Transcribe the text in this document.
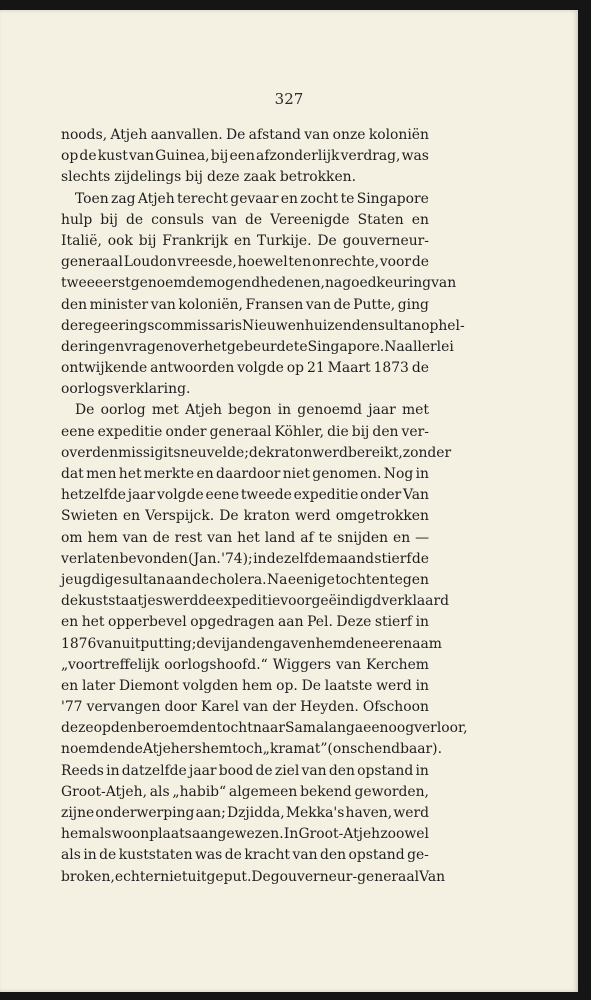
327
noods, Atjeh aanvallen. De afstand van onze koloniën
op de kust van Guinea, bij een afzonderlijk verdrag, was
slechts zijdelings bij deze zaak betrokken.
Toen zag Atjeh terecht gevaar en zocht te Singapore
hulp bij de consuls van de Vereenigde Staten en
Italië, ook bij Frankrijk en Turkije. De gouverneur-
generaal Loudon vreesde, hoewel ten onrechte, voor de
twee eerstgenoemde mogendheden en, na goedkeuring van
den minister van koloniën, Fransen van de Putte, ging
de regeeringscommissaris Nieuwenhuizen den sultan ophel-
deringen vragen over het gebeurde te Singapore. Na allerlei
ontwijkende antwoorden volgde op 21 Maart 1873 de
oorlogsverklaring.
De oorlog met Atjeh begon in genoemd jaar met
eene expeditie onder generaal Köhler, die bij den ver-
overden missigit sneuvelde; de kraton werd bereikt, zonder
dat men het merkte en daardoor niet genomen. Nog in
hetzelfde jaar volgde eene tweede expeditie onder Van
Swieten en Verspijck. De kraton werd omgetrokken
om hem van de rest van het land af te snijden en —
verlaten bevonden (Jan. '74); in dezelfde maand stierf de
jeugdige sultan aan de cholera. Na eenige tochten tegen
de kuststaatjes werd de expeditie voor geëindigd verklaard
en het opperbevel opgedragen aan Pel. Deze stierf in
1876 van uitputting; de vijanden gaven hem den eerenaam
„voortreffelijk oorlogshoofd.“ Wiggers van Kerchem
en later Diemont volgden hem op. De laatste werd in
'77 vervangen door Karel van der Heyden. Ofschoon
deze op den beroemden tocht naar Samalanga een oog verloor,
noemden de Atjehers hem toch „kramat” (onschendbaar).
Reeds in datzelfde jaar bood de ziel van den opstand in
Groot-Atjeh, als „habib“ algemeen bekend geworden,
zijne onderwerping aan; Dzjidda, Mekka's haven, werd
hem als woonplaats aangewezen. In Groot-Atjeh zoowel
als in de kuststaten was de kracht van den opstand ge-
broken, echter niet uitgeput. De gouverneur-generaal Van
